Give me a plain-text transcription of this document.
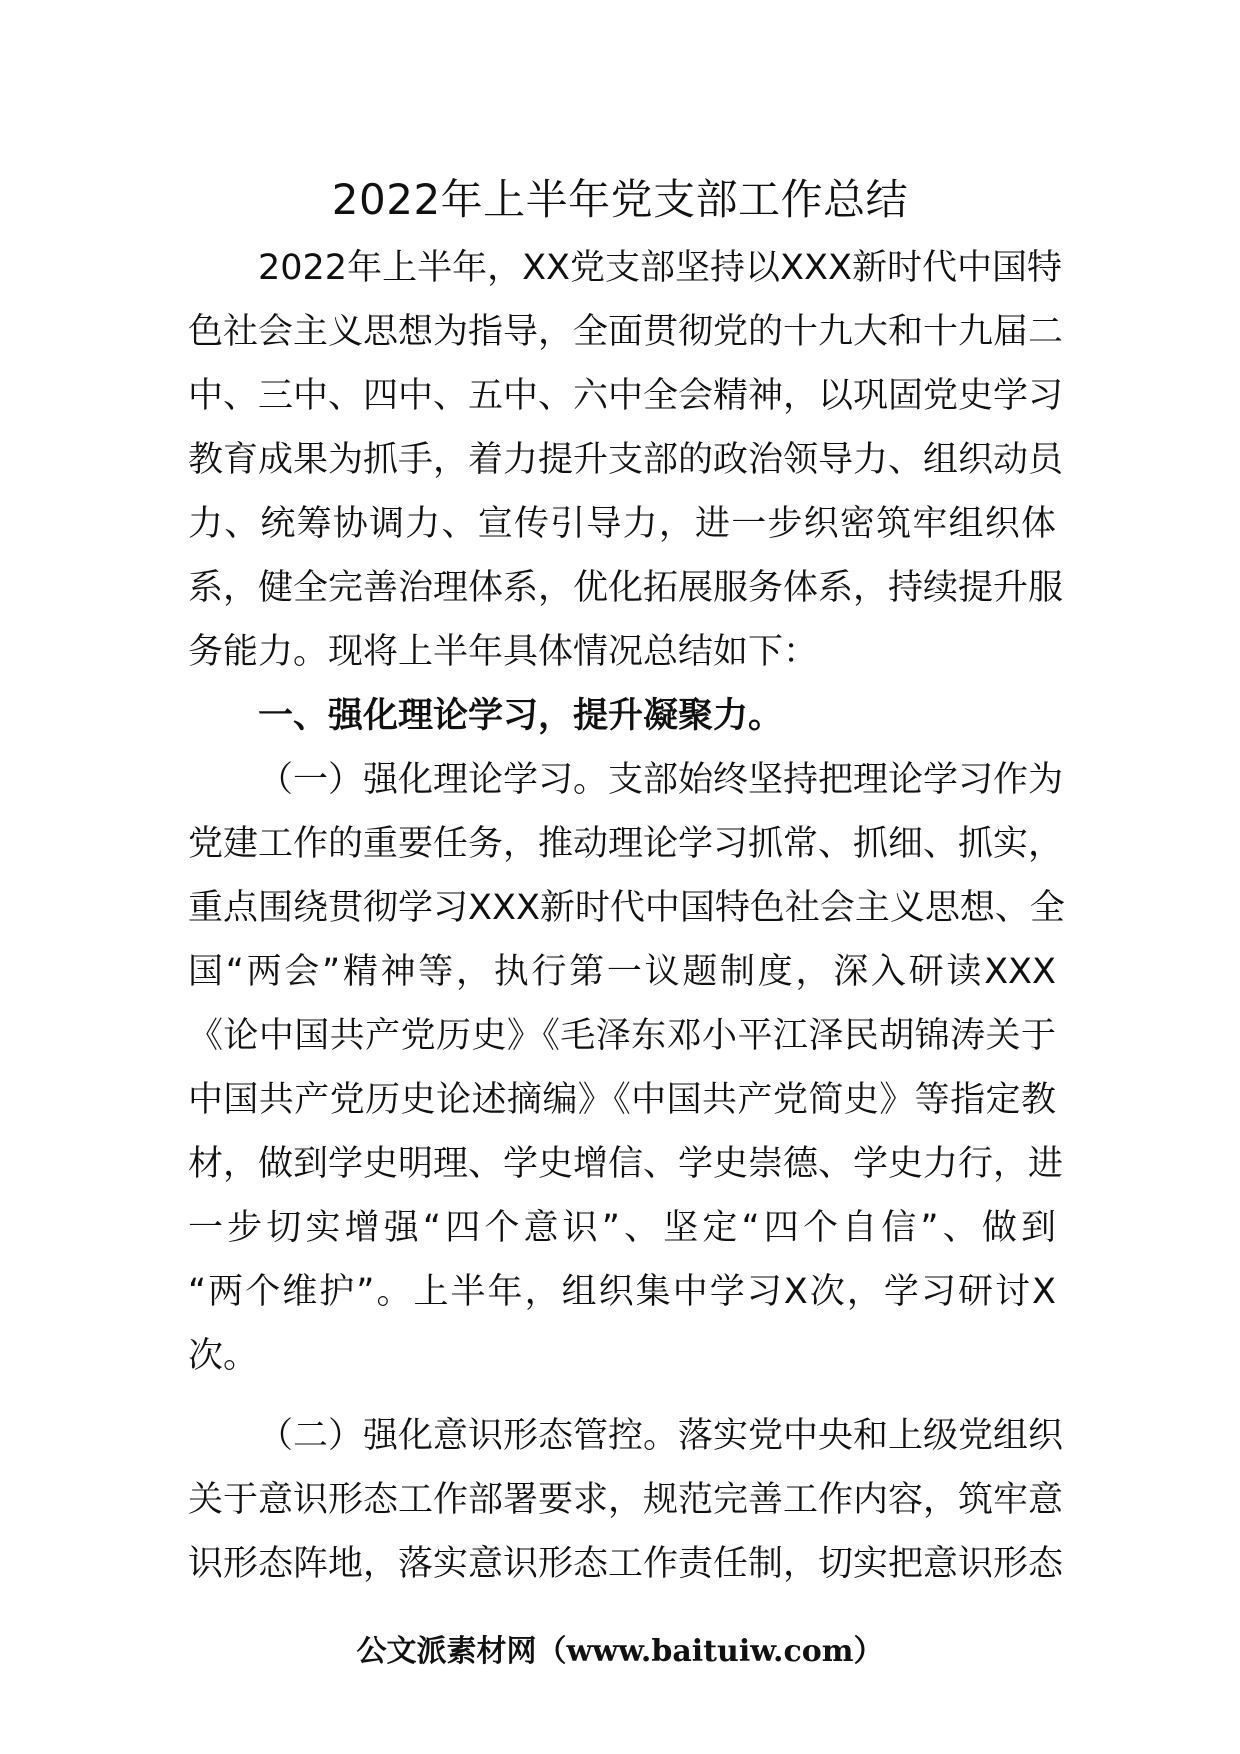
2022年上半年党支部工作总结
2022年上半年，XX党支部坚持以XXX新时代中国特
色社会主义思想为指导，全面贯彻党的十九大和十九届二
中、三中、四中、五中、六中全会精神，以巩固党史学习
教育成果为抓手，着力提升支部的政治领导力、组织动员
力、统筹协调力、宣传引导力，进一步织密筑牢组织体
系，健全完善治理体系，优化拓展服务体系，持续提升服
务能力。现将上半年具体情况总结如下：
一、强化理论学习，提升凝聚力。
（一）强化理论学习。支部始终坚持把理论学习作为
党建工作的重要任务，推动理论学习抓常、抓细、抓实，
重点围绕贯彻学习XXX新时代中国特色社会主义思想、全
国“两会”精神等，执行第一议题制度，深入研读XXX
《论中国共产党历史》《毛泽东邓小平江泽民胡锦涛关于
中国共产党历史论述摘编》《中国共产党简史》等指定教
材，做到学史明理、学史增信、学史崇德、学史力行，进
一步切实增强“四个意识”、坚定“四个自信”、做到
“两个维护”。上半年，组织集中学习X次，学习研讨X
次。
（二）强化意识形态管控。落实党中央和上级党组织
关于意识形态工作部署要求，规范完善工作内容，筑牢意
识形态阵地，落实意识形态工作责任制，切实把意识形态
公文派素材网（www.baituiw.com）
